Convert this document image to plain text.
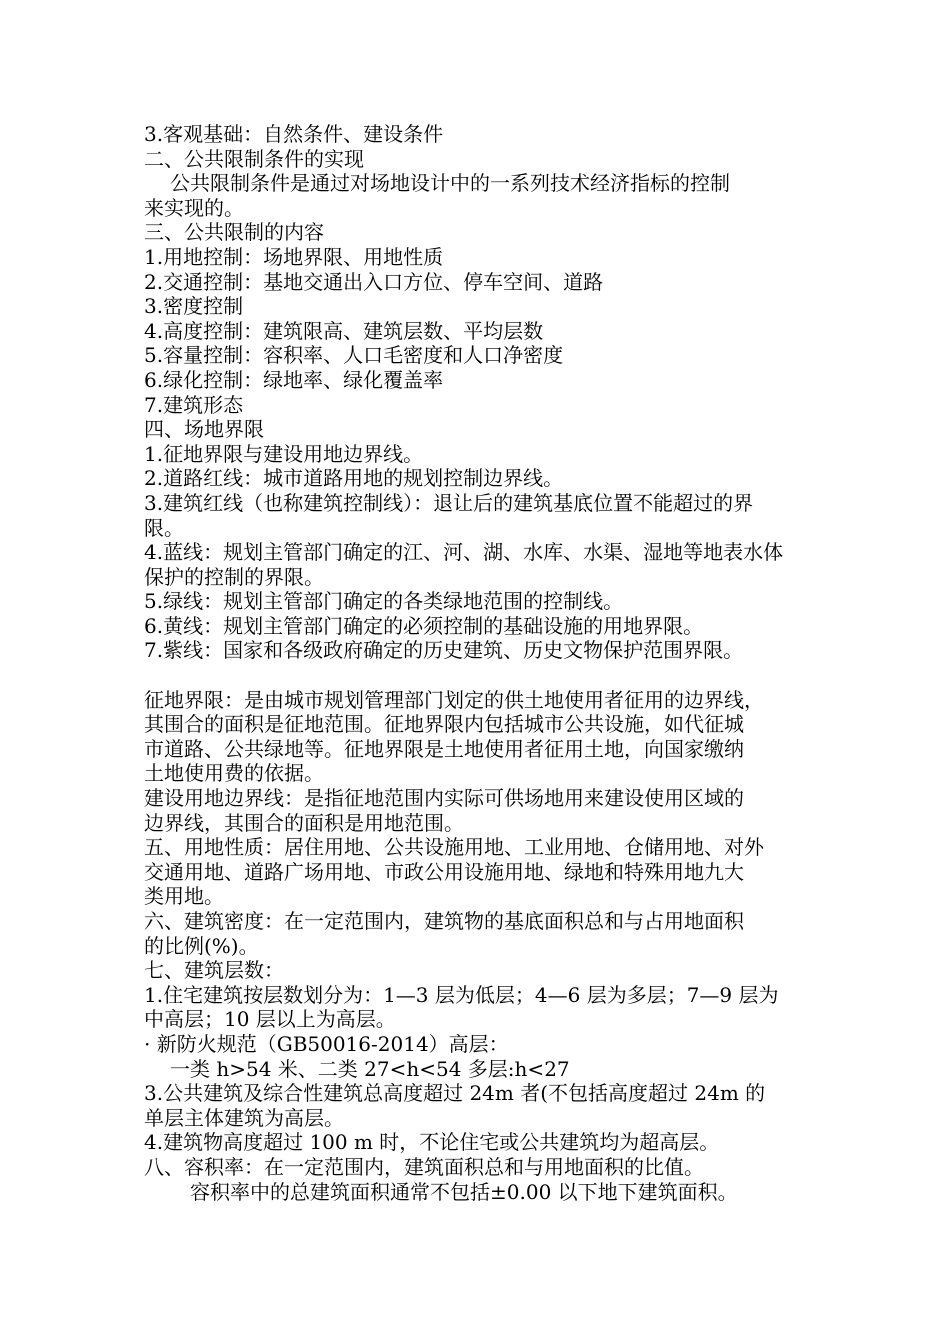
3.客观基础：自然条件、建设条件
二、公共限制条件的实现
公共限制条件是通过对场地设计中的一系列技术经济指标的控制
来实现的。
三、公共限制的内容
1.用地控制：场地界限、用地性质
2.交通控制：基地交通出入口方位、停车空间、道路
3.密度控制
4.高度控制：建筑限高、建筑层数、平均层数
5.容量控制：容积率、人口毛密度和人口净密度
6.绿化控制：绿地率、绿化覆盖率
7.建筑形态
四、场地界限
1.征地界限与建设用地边界线。
2.道路红线：城市道路用地的规划控制边界线。
3.建筑红线（也称建筑控制线）：退让后的建筑基底位置不能超过的界
限。
4.蓝线：规划主管部门确定的江、河、湖、水库、水渠、湿地等地表水体
保护的控制的界限。
5.绿线：规划主管部门确定的各类绿地范围的控制线。
6.黄线：规划主管部门确定的必须控制的基础设施的用地界限。
7.紫线：国家和各级政府确定的历史建筑、历史文物保护范围界限。
征地界限：是由城市规划管理部门划定的供土地使用者征用的边界线，
其围合的面积是征地范围。征地界限内包括城市公共设施，如代征城
市道路、公共绿地等。征地界限是土地使用者征用土地，向国家缴纳
土地使用费的依据。
建设用地边界线：是指征地范围内实际可供场地用来建设使用区域的
边界线，其围合的面积是用地范围。
五、用地性质：居住用地、公共设施用地、工业用地、仓储用地、对外
交通用地、道路广场用地、市政公用设施用地、绿地和特殊用地九大
类用地。
六、建筑密度：在一定范围内，建筑物的基底面积总和与占用地面积
的比例(%)。
七、建筑层数：
1.住宅建筑按层数划分为：1—3 层为低层；4—6 层为多层；7—9 层为
中高层；10 层以上为高层。
· 新防火规范（GB50016-2014）高层：
一类 h>54 米、二类 27<h<54 多层:h<27
3.公共建筑及综合性建筑总高度超过 24m 者(不包括高度超过 24m 的
单层主体建筑为高层。
4.建筑物高度超过 100 m 时，不论住宅或公共建筑均为超高层。
八、容积率：在一定范围内，建筑面积总和与用地面积的比值。
容积率中的总建筑面积通常不包括±0.00 以下地下建筑面积。
